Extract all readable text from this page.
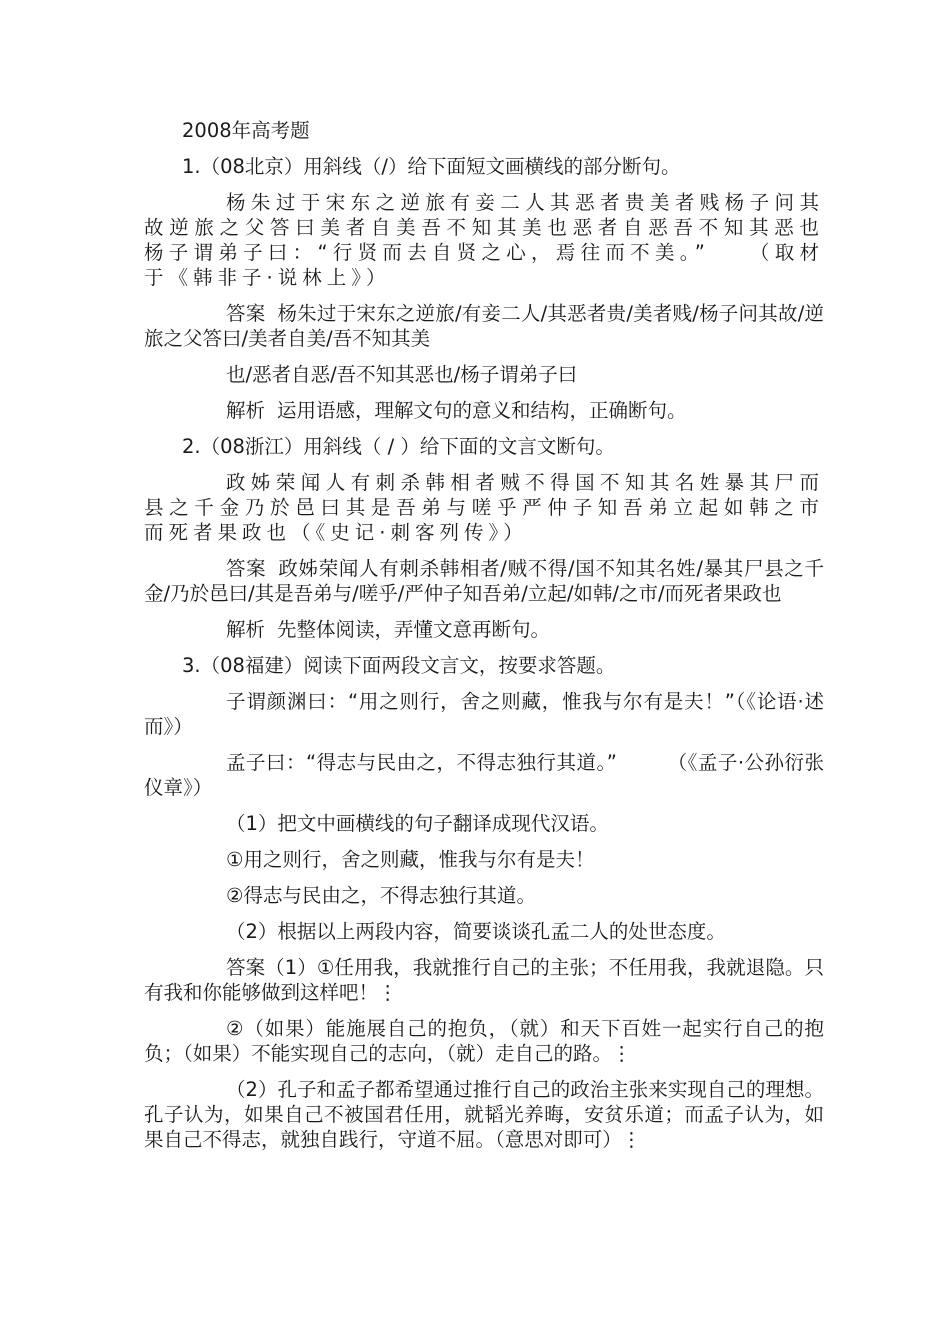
2008年高考题

1.（08北京）用斜线（/）给下面短文画横线的部分断句。

杨朱过于宋东之逆旅有妾二人其恶者贵美者贱杨子问其故逆旅之父答曰美者自美吾不知其美也恶者自恶吾不知其恶也杨子谓弟子曰：“行贤而去自贤之心，焉往而不美。”　　（取材于《韩非子·说林上》）

答案 杨朱过于宋东之逆旅/有妾二人/其恶者贵/美者贱/杨子问其故/逆旅之父答曰/美者自美/吾不知其美

也/恶者自恶/吾不知其恶也/杨子谓弟子曰

解析 运用语感，理解文句的意义和结构，正确断句。

2.（08浙江）用斜线（ / ）给下面的文言文断句。

政姊荣闻人有刺杀韩相者贼不得国不知其名姓暴其尸而县之千金乃於邑曰其是吾弟与嗟乎严仲子知吾弟立起如韩之市而死者果政也（《史记·刺客列传》）

答案 政姊荣闻人有刺杀韩相者/贼不得/国不知其名姓/暴其尸县之千金/乃於邑曰/其是吾弟与/嗟乎/严仲子知吾弟/立起/如韩/之市/而死者果政也

解析 先整体阅读，弄懂文意再断句。

3.（08福建）阅读下面两段文言文，按要求答题。

子谓颜渊曰：“用之则行，舍之则藏，惟我与尔有是夫！”（《论语·述而》）

孟子曰：“得志与民由之，不得志独行其道。”　　　（《孟子·公孙衍张仪章》）

（1）把文中画横线的句子翻译成现代汉语。

①用之则行，舍之则藏，惟我与尔有是夫！

②得志与民由之，不得志独行其道。

（2）根据以上两段内容，简要谈谈孔孟二人的处世态度。

答案（1）①任用我，我就推行自己的主张；不任用我，我就退隐。只有我和你能够做到这样吧！⋮

②（如果）能施展自己的抱负，（就）和天下百姓一起实行自己的抱负；（如果）不能实现自己的志向，（就）走自己的路。⋮

（2）孔子和孟子都希望通过推行自己的政治主张来实现自己的理想。孔子认为，如果自己不被国君任用，就韬光养晦，安贫乐道；而孟子认为，如果自己不得志，就独自践行，守道不屈。（意思对即可）⋮
